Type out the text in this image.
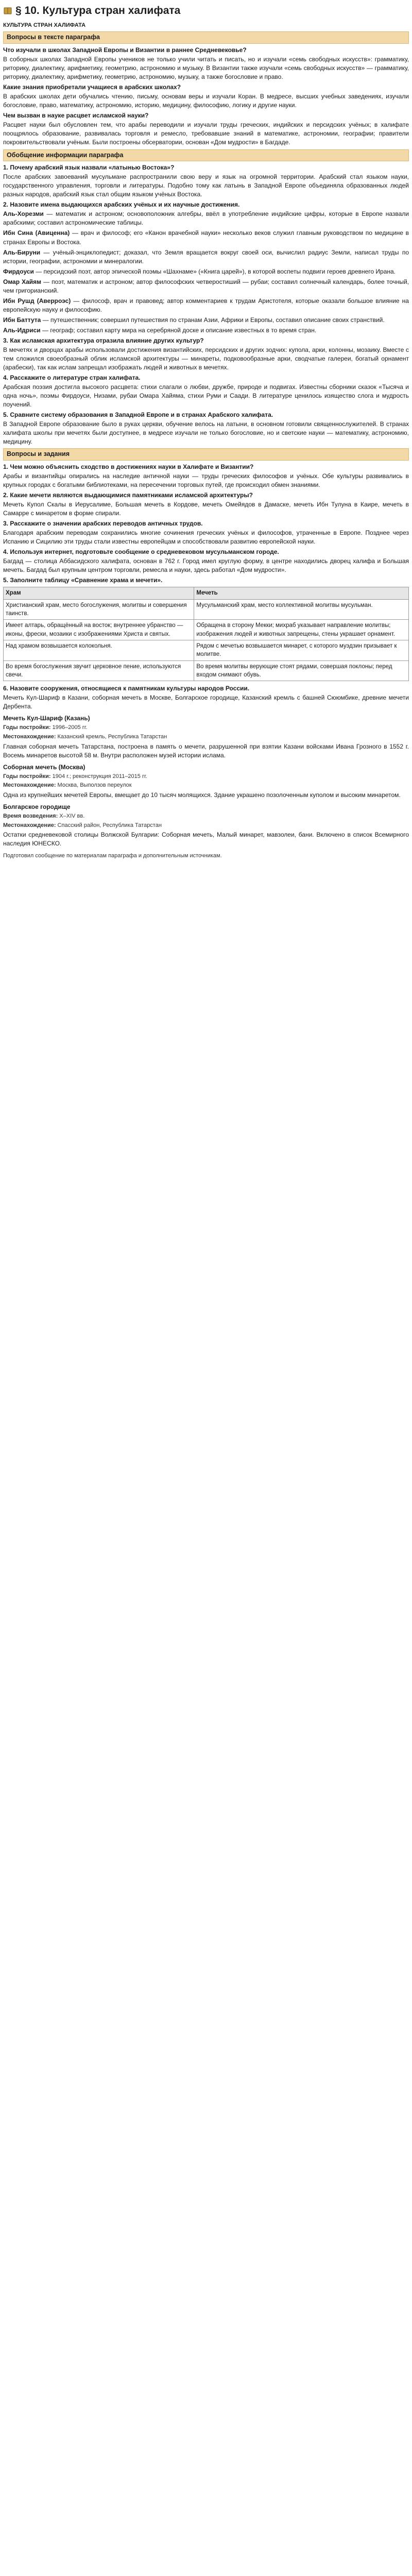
§ 10. Культура стран халифата
КУЛЬТУРА СТРАН ХАЛИФАТА
Вопросы в тексте параграфа
Что изучали в школах Западной Европы и Византии в раннее Средневековье?

В соборных школах Западной Европы учеников не только учили читать и писать, но и изучали «семь свободных искусств»: грамматику, риторику, диалектику, арифметику, геометрию, астрономию и музыку. В Византии также изучали «семь свободных искусств» — грамматику, риторику, диалектику, арифметику, геометрию, астрономию, музыку, а также богословие и право.

Какие знания приобретали учащиеся в арабских школах?

В арабских школах дети обучались чтению, письму, основам веры и изучали Коран. В медресе, высших учебных заведениях, изучали богословие, право, математику, астрономию, историю, медицину, философию, логику и другие науки.

Чем вызван в науке расцвет исламской науки?

Расцвет науки был обусловлен тем, что арабы переводили и изучали труды греческих, индийских и персидских учёных; в халифате поощрялось образование, развивалась торговля и ремесло, требовавшие знаний в математике, астрономии, географии; правители покровительствовали учёным. Были построены обсерватории, основан «Дом мудрости» в Багдаде.

Обобщение информации параграфа
1. Почему арабский язык назвали «латынью Востока»?

После арабских завоеваний мусульмане распространили свою веру и язык на огромной территории. Арабский стал языком науки, государственного управления, торговли и литературы. Подобно тому как латынь в Западной Европе объединяла образованных людей разных народов, арабский язык стал общим языком учёных Востока.

2. Назовите имена выдающихся арабских учёных и их научные достижения.

Аль-Хорезми — математик и астроном; основоположник алгебры, ввёл в употребление индийские цифры, которые в Европе назвали арабскими; составил астрономические таблицы.

Ибн Сина (Авиценна) — врач и философ; его «Канон врачебной науки» несколько веков служил главным руководством по медицине в странах Европы и Востока.

Аль-Бируни — учёный-энциклопедист; доказал, что Земля вращается вокруг своей оси, вычислил радиус Земли, написал труды по истории, географии, астрономии и минералогии.

Фирдоуси — персидский поэт, автор эпической поэмы «Шахнаме» («Книга царей»), в которой воспеты подвиги героев древнего Ирана.

Омар Хайям — поэт, математик и астроном; автор философских четверостиший — рубаи; составил солнечный календарь, более точный, чем григорианский.

Ибн Рушд (Аверроэс) — философ, врач и правовед; автор комментариев к трудам Аристотеля, которые оказали большое влияние на европейскую науку и философию.

Ибн Баттута — путешественник; совершил путешествия по странам Азии, Африки и Европы, составил описание своих странствий.

Аль-Идриси — географ; составил карту мира на серебряной доске и описание известных в то время стран.

3. Как исламская архитектура отразила влияние других культур?

В мечетях и дворцах арабы использовали достижения византийских, персидских и других зодчих: купола, арки, колонны, мозаику. Вместе с тем сложился своеобразный облик исламской архитектуры — минареты, подковообразные арки, сводчатые галереи, богатый орнамент (арабески), так как ислам запрещал изображать людей и животных в мечетях.

4. Расскажите о литературе стран халифата.

Арабская поэзия достигла высокого расцвета: стихи слагали о любви, дружбе, природе и подвигах. Известны сборники сказок «Тысяча и одна ночь», поэмы Фирдоуси, Низами, рубаи Омара Хайяма, стихи Руми и Саади. В литературе ценилось изящество слога и мудрость поучений.

5. Сравните систему образования в Западной Европе и в странах Арабского халифата.

В Западной Европе образование было в руках церкви, обучение велось на латыни, в основном готовили священнослужителей. В странах халифата школы при мечетях были доступнее, в медресе изучали не только богословие, но и светские науки — математику, астрономию, медицину.

Вопросы и задания
1. Чем можно объяснить сходство в достижениях науки в Халифате и Византии?

Арабы и византийцы опирались на наследие античной науки — труды греческих философов и учёных. Обе культуры развивались в крупных городах с богатыми библиотеками, на пересечении торговых путей, где происходил обмен знаниями.

2. Какие мечети являются выдающимися памятниками исламской архитектуры?

Мечеть Купол Скалы в Иерусалиме, Большая мечеть в Кордове, мечеть Омейядов в Дамаске, мечеть Ибн Тулуна в Каире, мечеть в Самарре с минаретом в форме спирали.

3. Расскажите о значении арабских переводов античных трудов.

Благодаря арабским переводам сохранились многие сочинения греческих учёных и философов, утраченные в Европе. Позднее через Испанию и Сицилию эти труды стали известны европейцам и способствовали развитию европейской науки.

4. Используя интернет, подготовьте сообщение о средневековом мусульманском городе.

Багдад — столица Аббасидского халифата, основан в 762 г. Город имел круглую форму, в центре находились дворец халифа и Большая мечеть. Багдад был крупным центром торговли, ремесла и науки, здесь работал «Дом мудрости».

5. Заполните таблицу «Сравнение храма и мечети».
Храм	Мечеть
Христианский храм, место богослужения, молитвы и совершения таинств.	Мусульманский храм, место коллективной молитвы мусульман.
Имеет алтарь, обращённый на восток; внутреннее убранство — иконы, фрески, мозаики с изображениями Христа и святых.	Обращена в сторону Мекки; михраб указывает направление молитвы; изображения людей и животных запрещены, стены украшает орнамент.
Над храмом возвышается колокольня.	Рядом с мечетью возвышается минарет, с которого муэдзин призывает к молитве.
Во время богослужения звучит церковное пение, используются свечи.	Во время молитвы верующие стоят рядами, совершая поклоны; перед входом снимают обувь.
6. Назовите сооружения, относящиеся к памятникам культуры народов России.

Мечеть Кул-Шариф в Казани, соборная мечеть в Москве, Болгарское городище, Казанский кремль с башней Сююмбике, древние мечети Дербента.

Мечеть Кул-Шариф (Казань)
Годы постройки: 1996–2005 гг.
Местонахождение: Казанский кремль, Республика Татарстан

Главная соборная мечеть Татарстана, построена в память о мечети, разрушенной при взятии Казани войсками Ивана Грозного в 1552 г. Восемь минаретов высотой 58 м. Внутри расположен музей истории ислама.

Соборная мечеть (Москва)
Годы постройки: 1904 г.; реконструкция 2011–2015 гг.
Местонахождение: Москва, Выползов переулок

Одна из крупнейших мечетей Европы, вмещает до 10 тысяч молящихся. Здание украшено позолоченным куполом и высоким минаретом.

Болгарское городище
Время возведения: X–XIV вв.
Местонахождение: Спасский район, Республика Татарстан

Остатки средневековой столицы Волжской Булгарии: Соборная мечеть, Малый минарет, мавзолеи, бани. Включено в список Всемирного наследия ЮНЕСКО.

Подготовил сообщение по материалам параграфа и дополнительным источникам.
